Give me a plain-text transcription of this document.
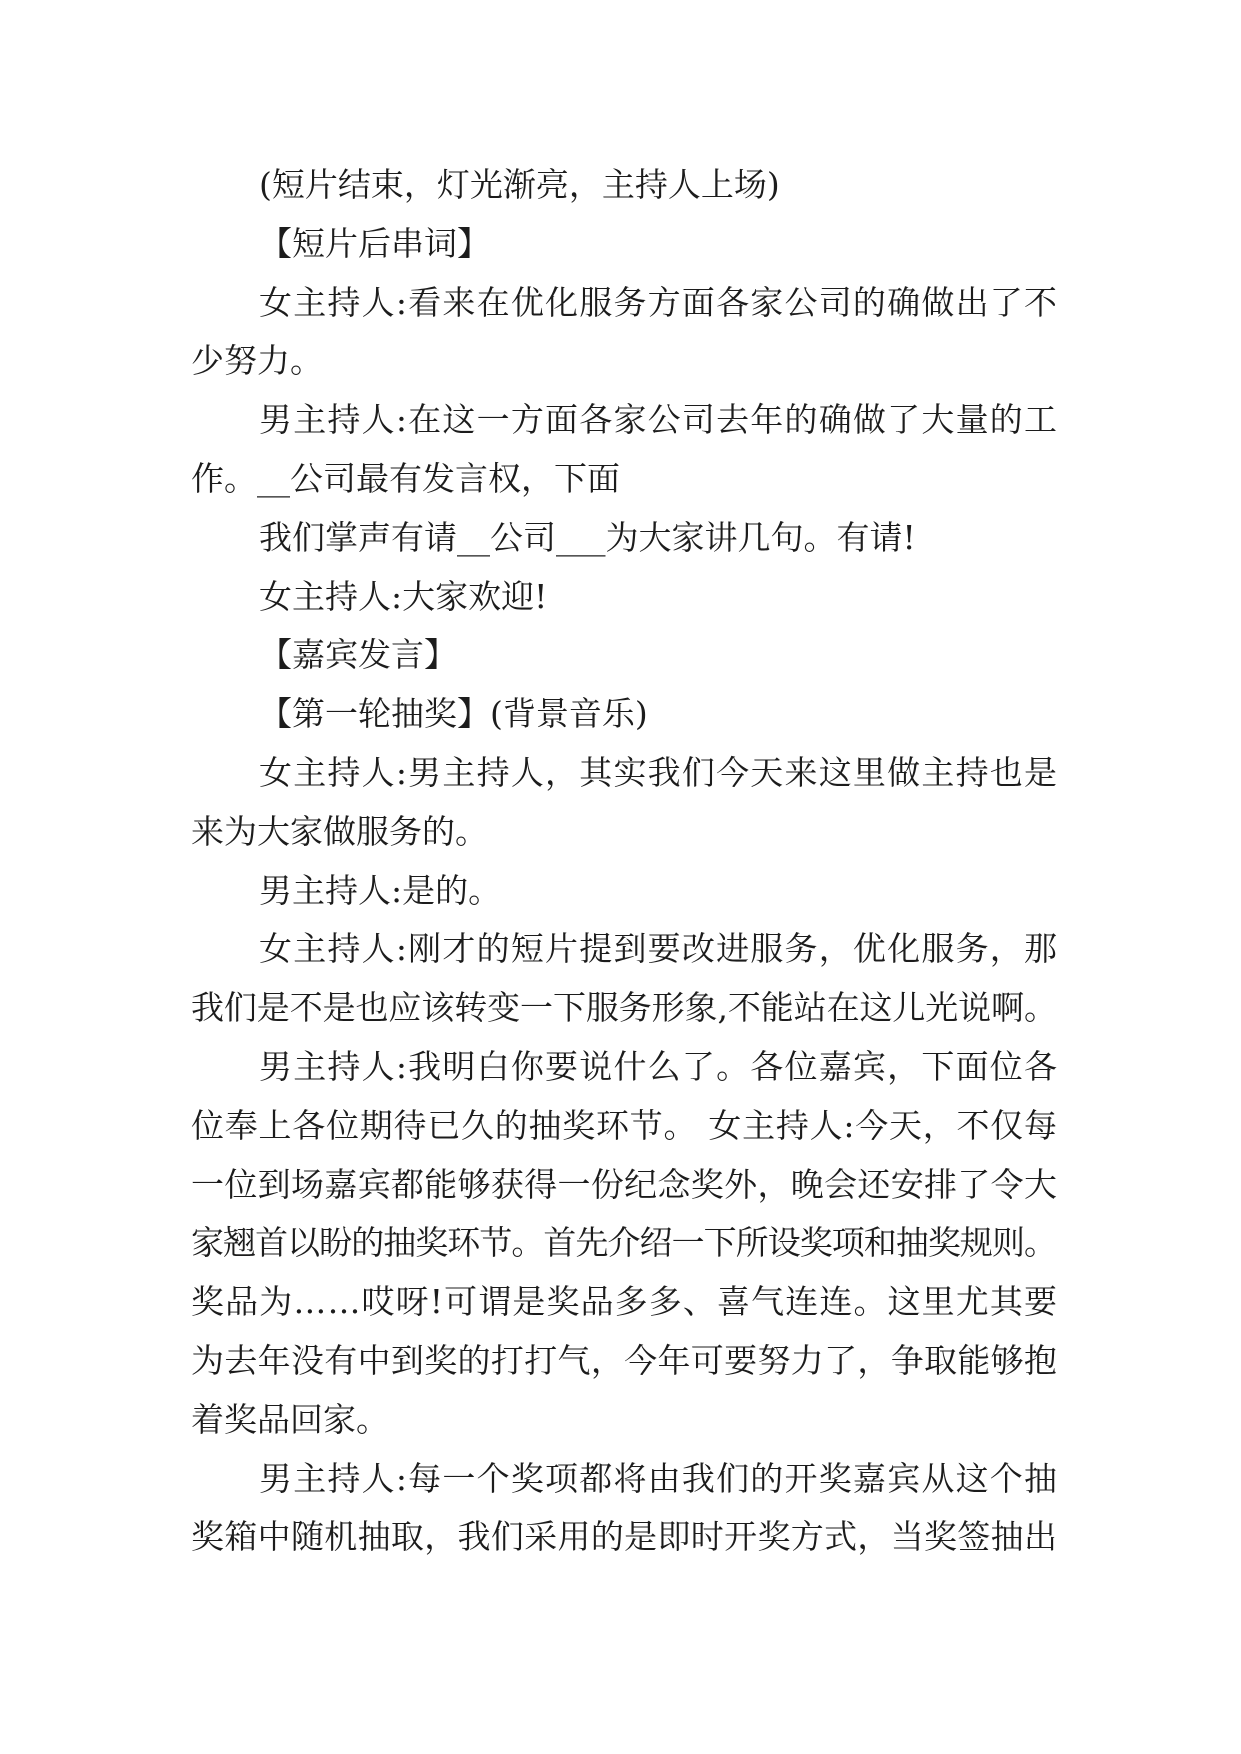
(短片结束，灯光渐亮，主持人上场)
【短片后串词】
女主持人:看来在优化服务方面各家公司的确做出了不
少努力。
男主持人:在这一方面各家公司去年的确做了大量的工
作。__公司最有发言权，下面
我们掌声有请__公司___为大家讲几句。有请!
女主持人:大家欢迎!
【嘉宾发言】
【第一轮抽奖】(背景音乐)
女主持人:男主持人，其实我们今天来这里做主持也是
来为大家做服务的。
男主持人:是的。
女主持人:刚才的短片提到要改进服务，优化服务，那
我们是不是也应该转变一下服务形象,不能站在这儿光说啊。
男主持人:我明白你要说什么了。各位嘉宾，下面位各
位奉上各位期待已久的抽奖环节。 女主持人:今天，不仅每
一位到场嘉宾都能够获得一份纪念奖外，晚会还安排了令大
家翘首以盼的抽奖环节。首先介绍一下所设奖项和抽奖规则。
奖品为……哎呀!可谓是奖品多多、喜气连连。这里尤其要
为去年没有中到奖的打打气，今年可要努力了，争取能够抱
着奖品回家。
男主持人:每一个奖项都将由我们的开奖嘉宾从这个抽
奖箱中随机抽取，我们采用的是即时开奖方式，当奖签抽出
